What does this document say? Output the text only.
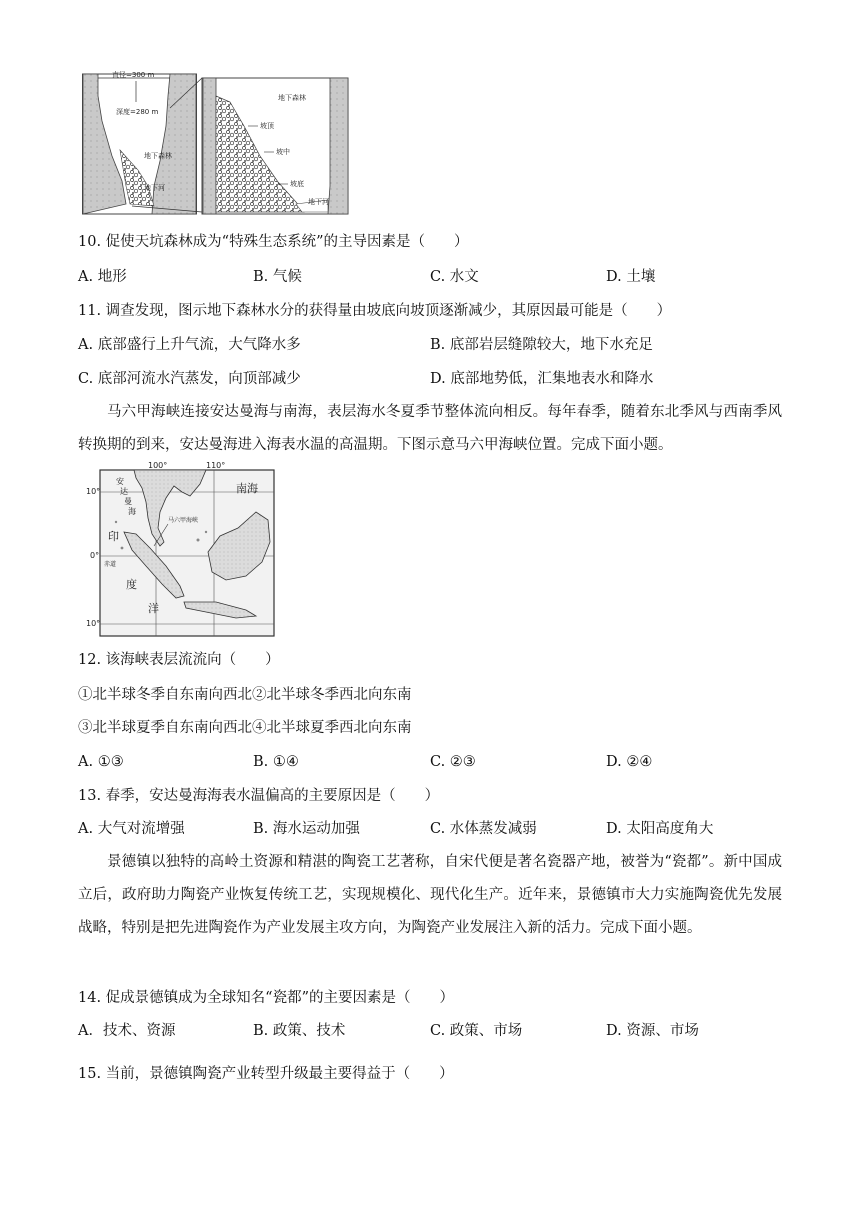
直径=300 m
深度=280 m
地下森林
地下河
地下森林
坡顶
坡中
坡底
地下河
10. 促使天坑森林成为“特殊生态系统”的主导因素是（　　）
A. 地形	B. 气候	C. 水文	D. 土壤
11. 调查发现，图示地下森林水分的获得量由坡底向坡顶逐渐减少，其原因最可能是（　　）
A. 底部盛行上升气流，大气降水多	B. 底部岩层缝隙较大，地下水充足
C. 底部河流水汽蒸发，向顶部减少	D. 底部地势低，汇集地表水和降水
马六甲海峡连接安达曼海与南海，表层海水冬夏季节整体流向相反。每年春季，随着东北季风与西南季风转换期的到来，安达曼海进入海表水温的高温期。下图示意马六甲海峡位置。完成下面小题。
100°	110°
10°
0°
10°
南海
安
达
曼
海
马六甲海峡
印
赤道
度
洋
12. 该海峡表层流流向（　　）
①北半球冬季自东南向西北②北半球冬季西北向东南
③北半球夏季自东南向西北④北半球夏季西北向东南
A. ①③	B. ①④	C. ②③	D. ②④
13. 春季，安达曼海海表水温偏高的主要原因是（　　）
A. 大气对流增强	B. 海水运动加强	C. 水体蒸发减弱	D. 太阳高度角大
景德镇以独特的高岭土资源和精湛的陶瓷工艺著称，自宋代便是著名瓷器产地，被誉为“瓷都”。新中国成立后，政府助力陶瓷产业恢复传统工艺，实现规模化、现代化生产。近年来，景德镇市大力实施陶瓷优先发展战略，特别是把先进陶瓷作为产业发展主攻方向，为陶瓷产业发展注入新的活力。完成下面小题。
14. 促成景德镇成为全球知名“瓷都”的主要因素是（　　）
A．技术、资源	B. 政策、技术	C. 政策、市场	D. 资源、市场
15. 当前，景德镇陶瓷产业转型升级最主要得益于（　　）
